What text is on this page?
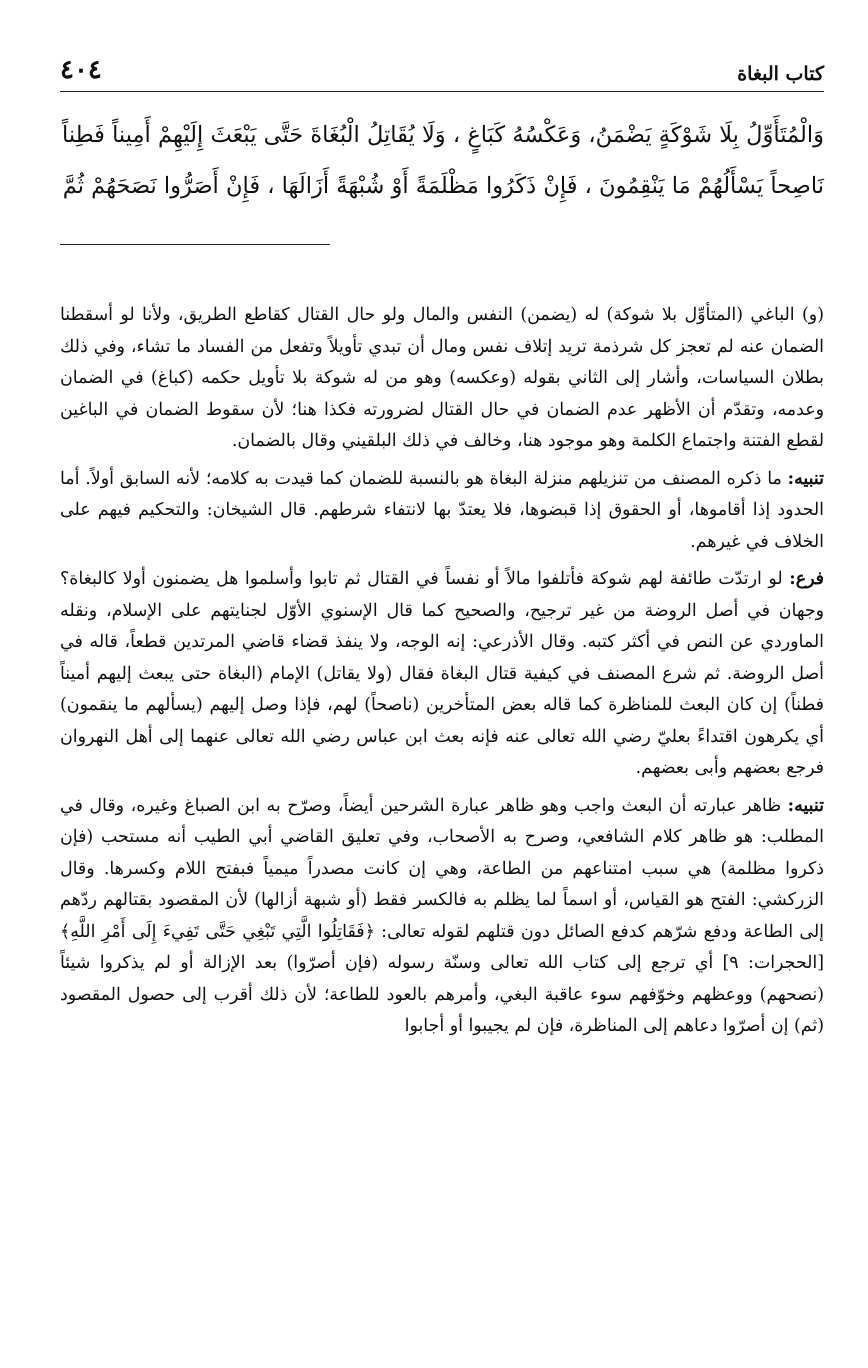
كتاب البغاة
٤٠٤
وَالْمُتَأَوِّلُ بِلَا شَوْكَةٍ يَضْمَنُ، وَعَكْسُهُ كَبَاغٍ ، وَلَا يُقَاتِلُ الْبُغَاةَ حَتَّى يَبْعَثَ إِلَيْهِمْ أَمِيناً فَطِناً نَاصِحاً يَسْأَلُهُمْ مَا يَنْقِمُونَ ، فَإِنْ ذَكَرُوا مَظْلَمَةً أَوْ شُبْهَةً أَزَالَهَا ، فَإِنْ أَصَرُّوا نَصَحَهُمْ ثُمَّ

(و) الباغي (المتأوِّل بلا شوكة) له (يضمن) النفس والمال ولو حال القتال كقاطع الطريق، ولأنا لو أسقطنا الضمان عنه لم تعجز كل شرذمة تريد إتلاف نفس ومال أن تبدي تأويلاً وتفعل من الفساد ما تشاء، وفي ذلك بطلان السياسات، وأشار إلى الثاني بقوله (وعكسه) وهو من له شوكة بلا تأويل حكمه (كباغ) في الضمان وعدمه، وتقدّم أن الأظهر عدم الضمان في حال القتال لضرورته فكذا هنا؛ لأن سقوط الضمان في الباغين لقطع الفتنة واجتماع الكلمة وهو موجود هنا، وخالف في ذلك البلقيني وقال بالضمان.

تنبيه: ما ذكره المصنف من تنزيلهم منزلة البغاة هو بالنسبة للضمان كما قيدت به كلامه؛ لأنه السابق أولاً. أما الحدود إذا أقاموها، أو الحقوق إذا قبضوها، فلا يعتدّ بها لانتفاء شرطهم. قال الشيخان: والتحكيم فيهم على الخلاف في غيرهم.

فرع: لو ارتدّت طائفة لهم شوكة فأتلفوا مالاً أو نفساً في القتال ثم تابوا وأسلموا هل يضمنون أولا كالبغاة؟ وجهان في أصل الروضة من غير ترجيح، والصحيح كما قال الإسنوي الأوّل لجنايتهم على الإسلام، ونقله الماوردي عن النص في أكثر كتبه. وقال الأذرعي: إنه الوجه، ولا ينفذ قضاء قاضي المرتدين قطعاً، قاله في أصل الروضة. ثم شرع المصنف في كيفية قتال البغاة فقال (ولا يقاتل) الإمام (البغاة حتى يبعث إليهم أميناً فطناً) إن كان البعث للمناظرة كما قاله بعض المتأخرين (ناصحاً) لهم، فإذا وصل إليهم (يسألهم ما ينقمون) أي يكرهون اقتداءً بعليّ رضي الله تعالى عنه فإنه بعث ابن عباس رضي الله تعالى عنهما إلى أهل النهروان فرجع بعضهم وأبى بعضهم.

تنبيه: ظاهر عبارته أن البعث واجب وهو ظاهر عبارة الشرحين أيضاً، وصرّح به ابن الصباغ وغيره، وقال في المطلب: هو ظاهر كلام الشافعي، وصرح به الأصحاب، وفي تعليق القاضي أبي الطيب أنه مستحب (فإن ذكروا مظلمة) هي سبب امتناعهم من الطاعة، وهي إن كانت مصدراً ميمياً فبفتح اللام وكسرها. وقال الزركشي: الفتح هو القياس، أو اسماً لما يظلم به فالكسر فقط (أو شبهة أزالها) لأن المقصود بقتالهم ردّهم إلى الطاعة ودفع شرّهم كدفع الصائل دون قتلهم لقوله تعالى: ﴿فَقَاتِلُوا الَّتِي تَبْغِي حَتَّى تَفِيءَ إِلَى أَمْرِ اللَّهِ﴾ [الحجرات: ٩] أي ترجع إلى كتاب الله تعالى وسنّة رسوله (فإن أصرّوا) بعد الإزالة أو لم يذكروا شيئاً (نصحهم) ووعظهم وخوّفهم سوء عاقبة البغي، وأمرهم بالعود للطاعة؛ لأن ذلك أقرب إلى حصول المقصود (ثم) إن أصرّوا دعاهم إلى المناظرة، فإن لم يجيبوا أو أجابوا
